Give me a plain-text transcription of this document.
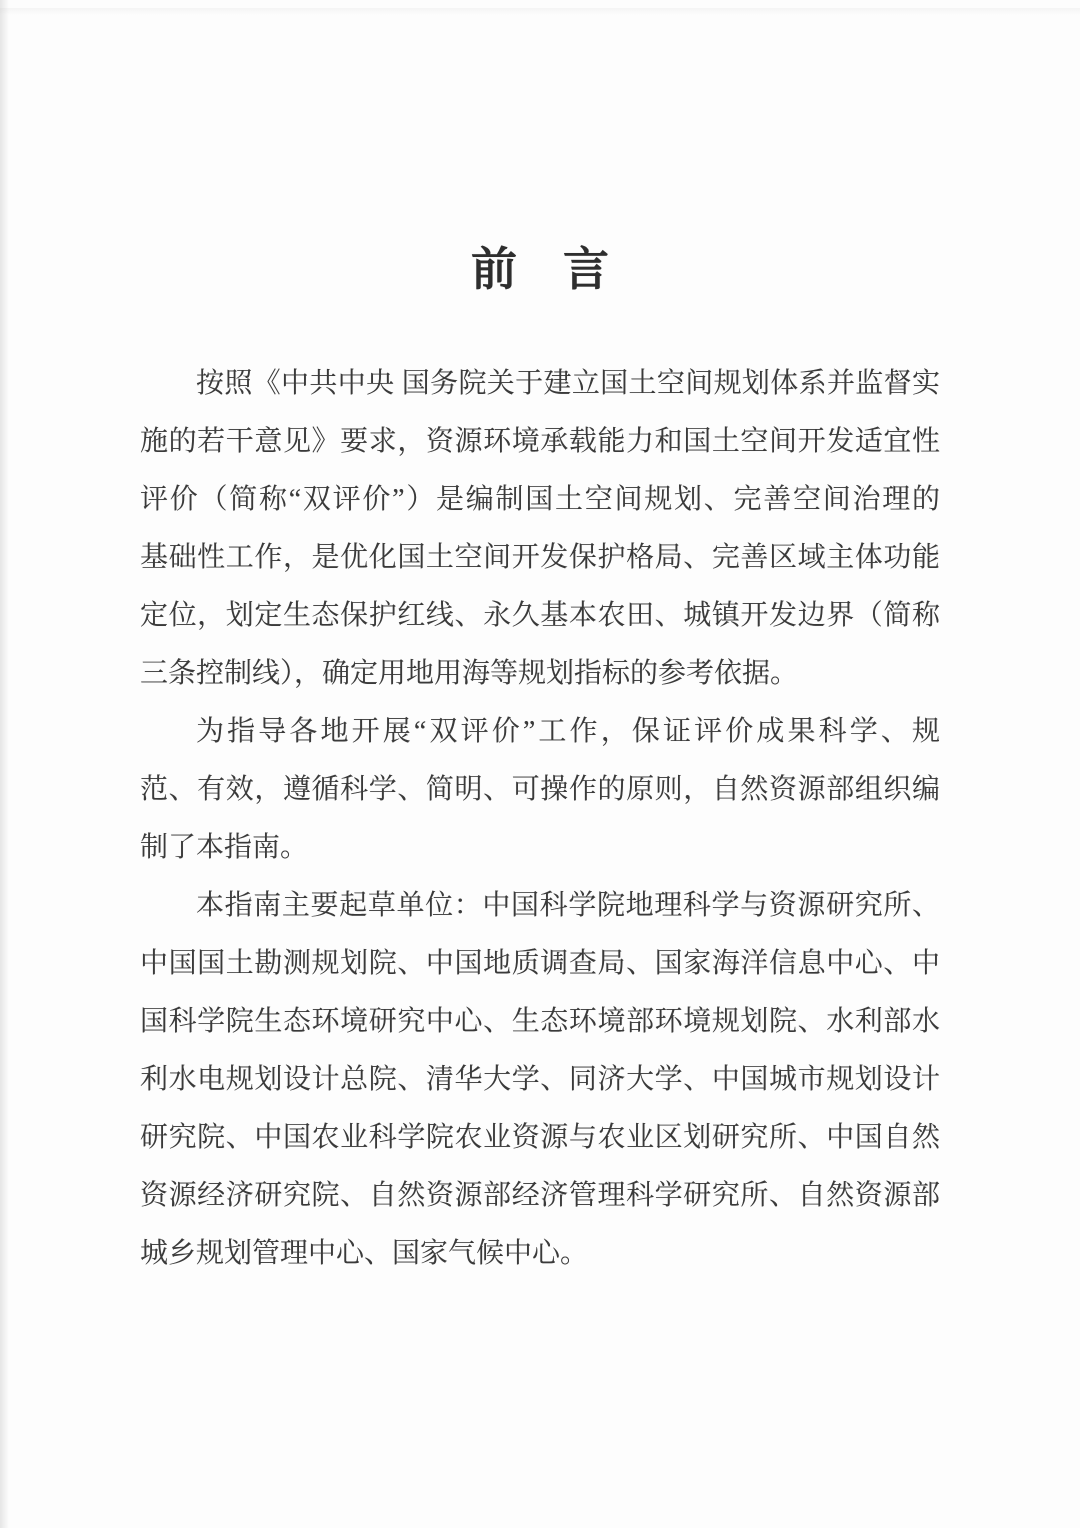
前　言
按照《中共中央 国务院关于建立国土空间规划体系并监督实
施的若干意见》要求，资源环境承载能力和国土空间开发适宜性
评价（简称“双评价”）是编制国土空间规划、完善空间治理的
基础性工作，是优化国土空间开发保护格局、完善区域主体功能
定位，划定生态保护红线、永久基本农田、城镇开发边界（简称
三条控制线），确定用地用海等规划指标的参考依据。
为指导各地开展“双评价”工作，保证评价成果科学、规
范、有效，遵循科学、简明、可操作的原则，自然资源部组织编
制了本指南。
本指南主要起草单位：中国科学院地理科学与资源研究所、
中国国土勘测规划院、中国地质调查局、国家海洋信息中心、中
国科学院生态环境研究中心、生态环境部环境规划院、水利部水
利水电规划设计总院、清华大学、同济大学、中国城市规划设计
研究院、中国农业科学院农业资源与农业区划研究所、中国自然
资源经济研究院、自然资源部经济管理科学研究所、自然资源部
城乡规划管理中心、国家气候中心。
